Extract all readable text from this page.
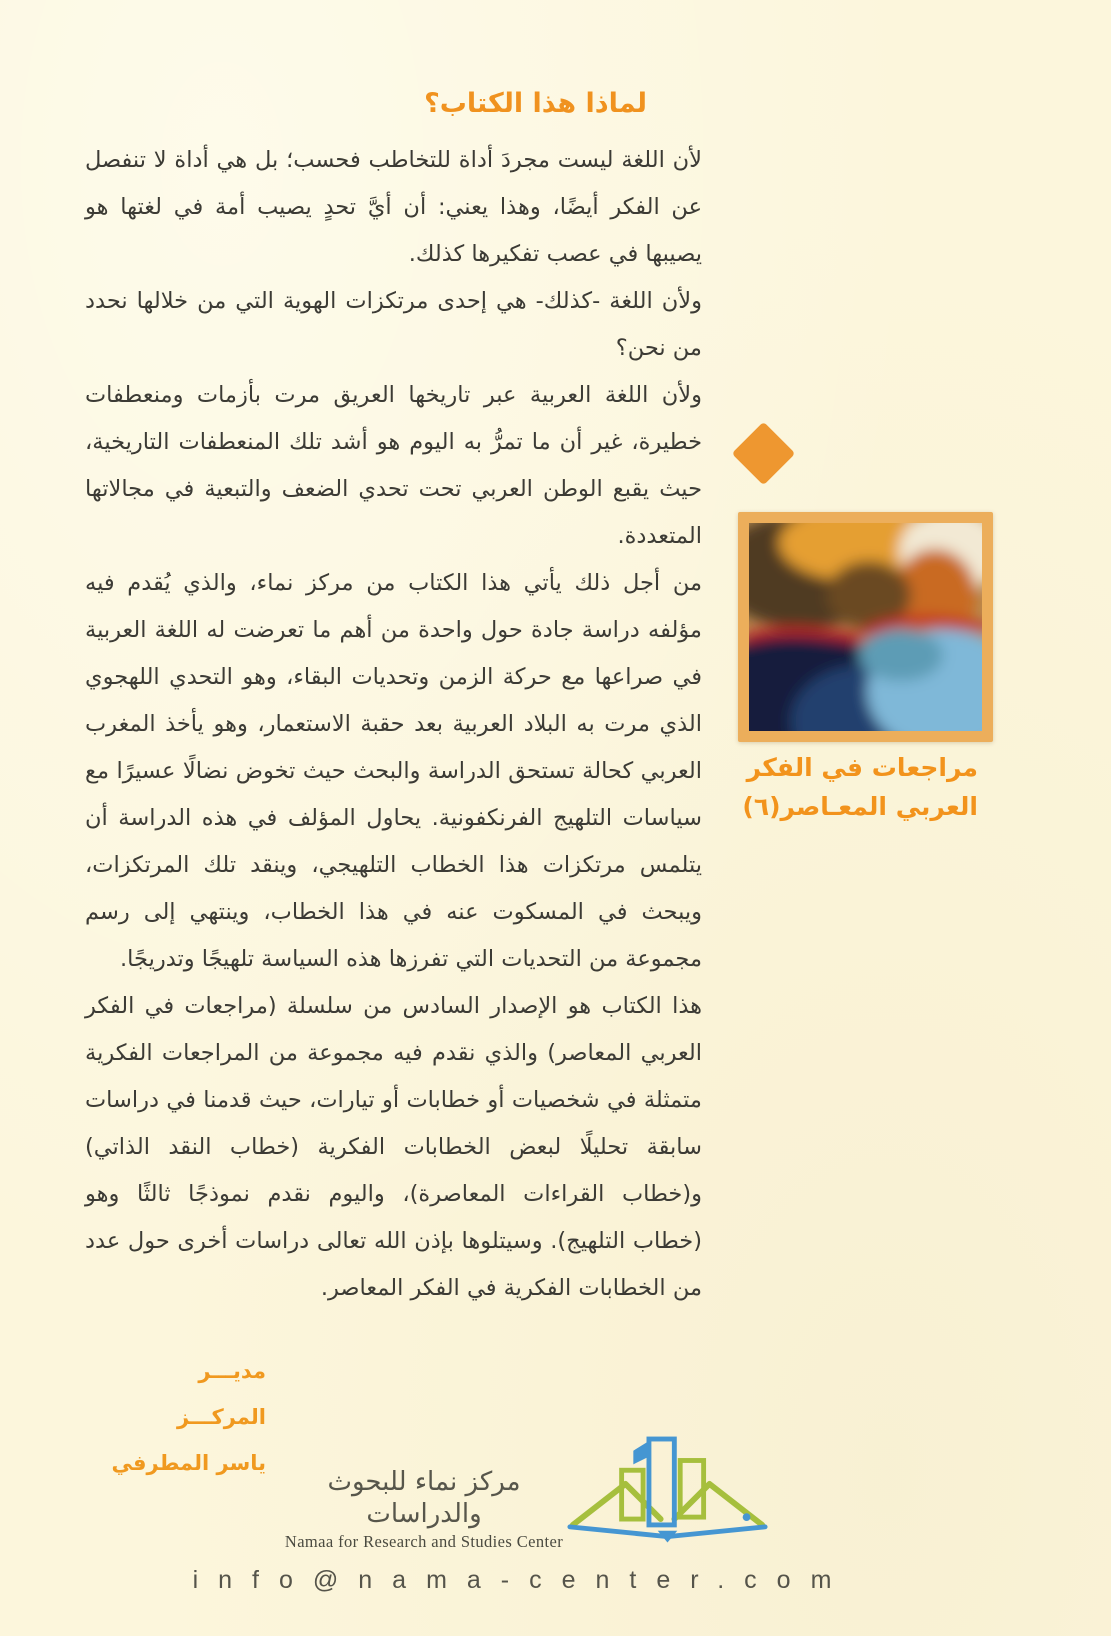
لماذا هذا الكتاب؟

لأن اللغة ليست مجردَ أداة للتخاطب فحسب؛ بل هي أداة لا تنفصل عن الفكر أيضًا، وهذا يعني: أن أيَّ تحدٍ يصيب أمة في لغتها هو يصيبها في عصب تفكيرها كذلك.

ولأن اللغة -كذلك- هي إحدى مرتكزات الهوية التي من خلالها نحدد من نحن؟

ولأن اللغة العربية عبر تاريخها العريق مرت بأزمات ومنعطفات خطيرة، غير أن ما تمرُّ به اليوم هو أشد تلك المنعطفات التاريخية، حيث يقبع الوطن العربي تحت تحدي الضعف والتبعية في مجالاتها المتعددة.

من أجل ذلك يأتي هذا الكتاب من مركز نماء، والذي يُقدم فيه مؤلفه دراسة جادة حول واحدة من أهم ما تعرضت له اللغة العربية في صراعها مع حركة الزمن وتحديات البقاء، وهو التحدي اللهجوي الذي مرت به البلاد العربية بعد حقبة الاستعمار، وهو يأخذ المغرب العربي كحالة تستحق الدراسة والبحث حيث تخوض نضالًا عسيرًا مع سياسات التلهيج الفرنكفونية. يحاول المؤلف في هذه الدراسة أن يتلمس مرتكزات هذا الخطاب التلهيجي، وينقد تلك المرتكزات، ويبحث في المسكوت عنه في هذا الخطاب، وينتهي إلى رسم مجموعة من التحديات التي تفرزها هذه السياسة تلهيجًا وتدريجًا.

هذا الكتاب هو الإصدار السادس من سلسلة (مراجعات في الفكر العربي المعاصر) والذي نقدم فيه مجموعة من المراجعات الفكرية متمثلة في شخصيات أو خطابات أو تيارات، حيث قدمنا في دراسات سابقة تحليلًا لبعض الخطابات الفكرية (خطاب النقد الذاتي) و(خطاب القراءات المعاصرة)، واليوم نقدم نموذجًا ثالثًا وهو (خطاب التلهيج). وسيتلوها بإذن الله تعالى دراسات أخرى حول عدد من الخطابات الفكرية في الفكر المعاصر.

مراجعات في الفكر
العربي المعـاصر(٦)
مديـــر المركـــز
ياسر المطرفي

مركز نماء للبحوث والدراسات

Namaa for Research and Studies Center

info@nama-center.com
